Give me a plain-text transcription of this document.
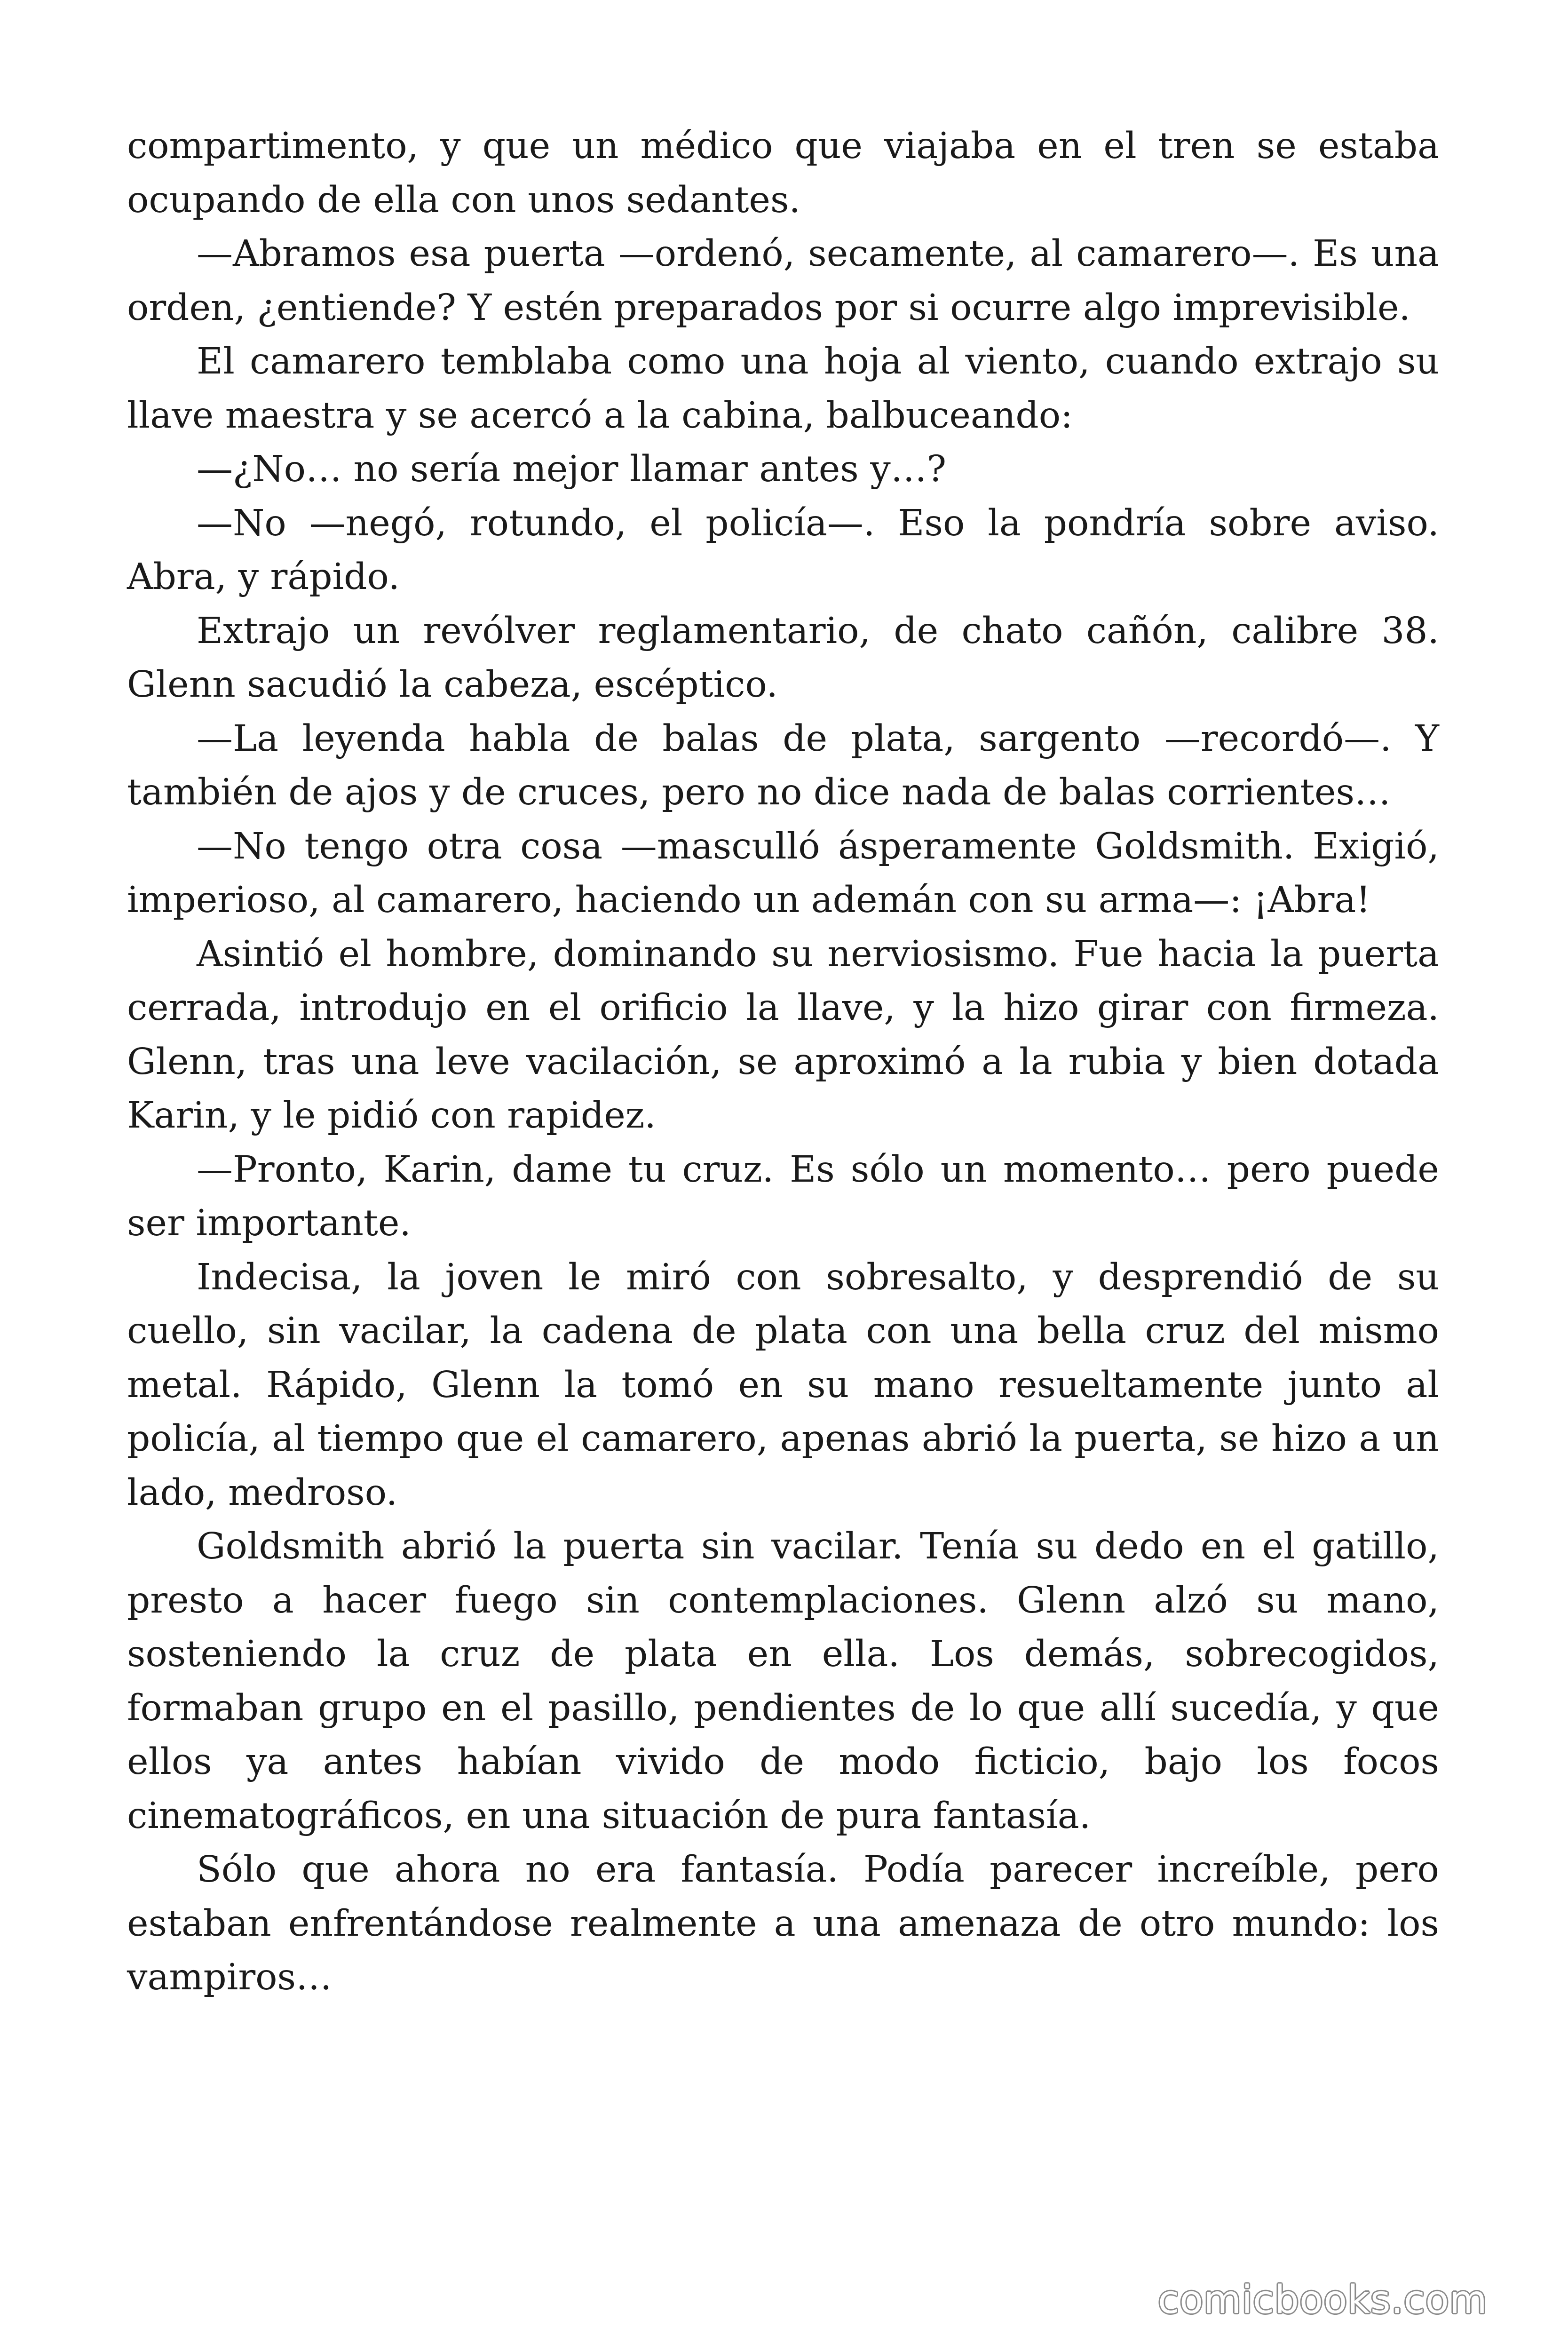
compartimento, y que un médico que viajaba en el tren se estaba ocupando de ella con unos sedantes.

—Abramos esa puerta —ordenó, secamente, al camarero—. Es una orden, ¿entiende? Y estén preparados por si ocurre algo imprevisible.

El camarero temblaba como una hoja al viento, cuando extrajo su llave maestra y se acercó a la cabina, balbuceando:

—¿No… no sería mejor llamar antes y…?

—No —negó, rotundo, el policía—. Eso la pondría sobre aviso. Abra, y rápido.

Extrajo un revólver reglamentario, de chato cañón, calibre 38. Glenn sacudió la cabeza, escéptico.

—La leyenda habla de balas de plata, sargento —recordó—. Y también de ajos y de cruces, pero no dice nada de balas corrientes…

—No tengo otra cosa —masculló ásperamente Goldsmith. Exigió, imperioso, al camarero, haciendo un ademán con su arma—: ¡Abra!

Asintió el hombre, dominando su nerviosismo. Fue hacia la puerta cerrada, introdujo en el orificio la llave, y la hizo girar con firmeza. Glenn, tras una leve vacilación, se aproximó a la rubia y bien dotada Karin, y le pidió con rapidez.

—Pronto, Karin, dame tu cruz. Es sólo un momento… pero puede ser importante.

Indecisa, la joven le miró con sobresalto, y desprendió de su cuello, sin vacilar, la cadena de plata con una bella cruz del mismo metal. Rápido, Glenn la tomó en su mano resueltamente junto al policía, al tiempo que el camarero, apenas abrió la puerta, se hizo a un lado, medroso.

Goldsmith abrió la puerta sin vacilar. Tenía su dedo en el gatillo, presto a hacer fuego sin contemplaciones. Glenn alzó su mano, sosteniendo la cruz de plata en ella. Los demás, sobrecogidos, formaban grupo en el pasillo, pendientes de lo que allí sucedía, y que ellos ya antes habían vivido de modo ficticio, bajo los focos cinematográficos, en una situación de pura fantasía.

Sólo que ahora no era fantasía. Podía parecer increíble, pero estaban enfrentándose realmente a una amenaza de otro mundo: los vampiros…

comicbooks.com
